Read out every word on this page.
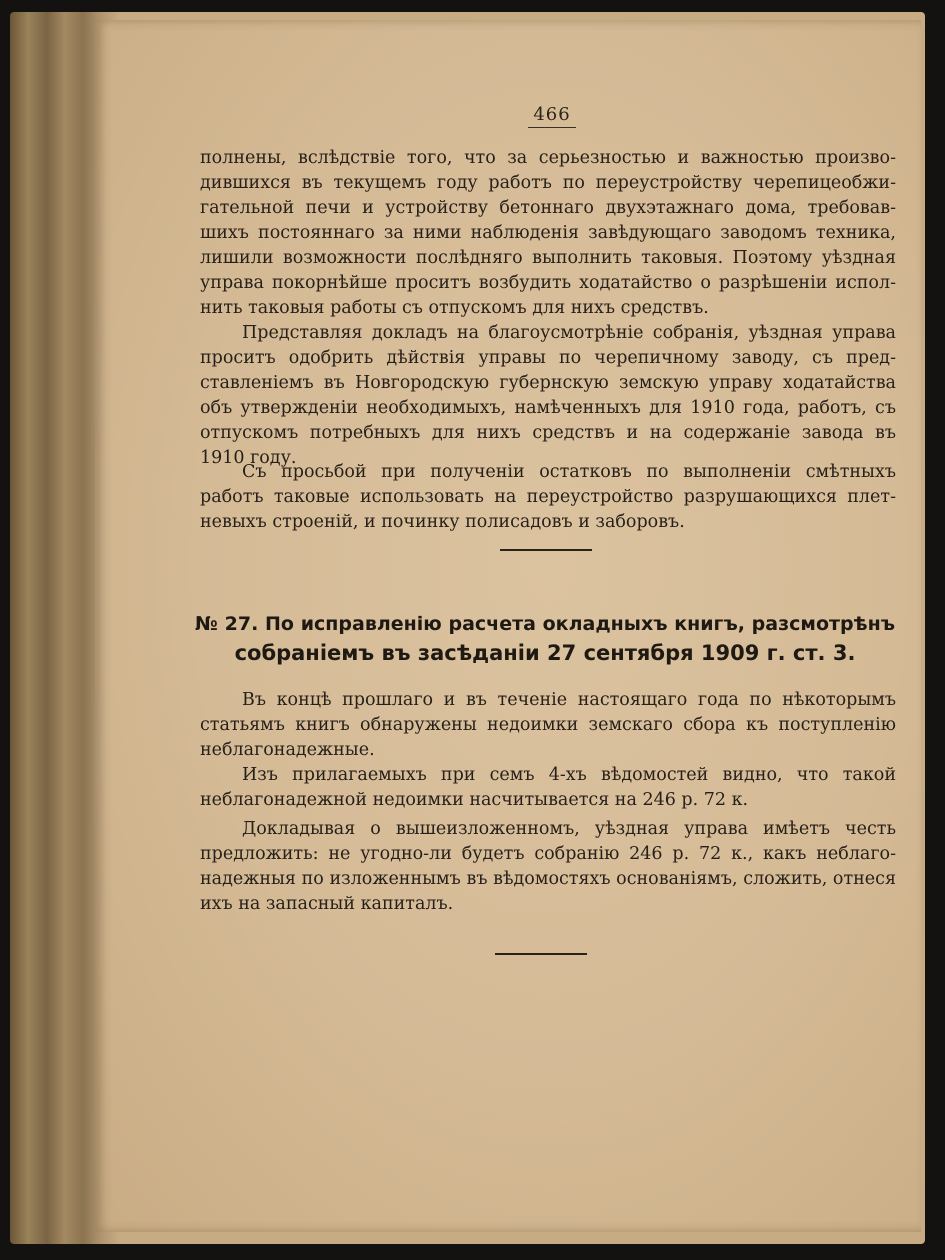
466
полнены, вслѣдствіе того, что за серьезностью и важностью произво-
дившихся въ текущемъ году работъ по переустройству черепицеобжи-
гательной печи и устройству бетоннаго двухэтажнаго дома, требовав-
шихъ постояннаго за ними наблюденія завѣдующаго заводомъ техника,
лишили возможности послѣдняго выполнить таковыя. Поэтому уѣздная
управа покорнѣйше проситъ возбудить ходатайство о разрѣшеніи испол-
нить таковыя работы съ отпускомъ для нихъ средствъ.
Представляя докладъ на благоусмотрѣніе собранія, уѣздная управа
проситъ одобрить дѣйствія управы по черепичному заводу, съ пред-
ставленіемъ въ Новгородскую губернскую земскую управу ходатайства
объ утвержденіи необходимыхъ, намѣченныхъ для 1910 года, работъ, съ
отпускомъ потребныхъ для нихъ средствъ и на содержаніе завода въ
1910 году.
Съ просьбой при полученіи остатковъ по выполненіи смѣтныхъ
работъ таковые использовать на переустройство разрушающихся плет-
невыхъ строеній, и починку полисадовъ и заборовъ.
№ 27. По исправленію расчета окладныхъ книгъ, разсмотрѣнъ
собраніемъ въ засѣданіи 27 сентября 1909 г. ст. 3.
Въ концѣ прошлаго и въ теченіе настоящаго года по нѣкоторымъ
статьямъ книгъ обнаружены недоимки земскаго сбора къ поступленію
неблагонадежные.
Изъ прилагаемыхъ при семъ 4-хъ вѣдомостей видно, что такой
неблагонадежной недоимки насчитывается на 246 р. 72 к.
Докладывая о вышеизложенномъ, уѣздная управа имѣетъ честь
предложить: не угодно-ли будетъ собранію 246 р. 72 к., какъ неблаго-
надежныя по изложеннымъ въ вѣдомостяхъ основаніямъ, сложить, отнеся
ихъ на запасный капиталъ.
